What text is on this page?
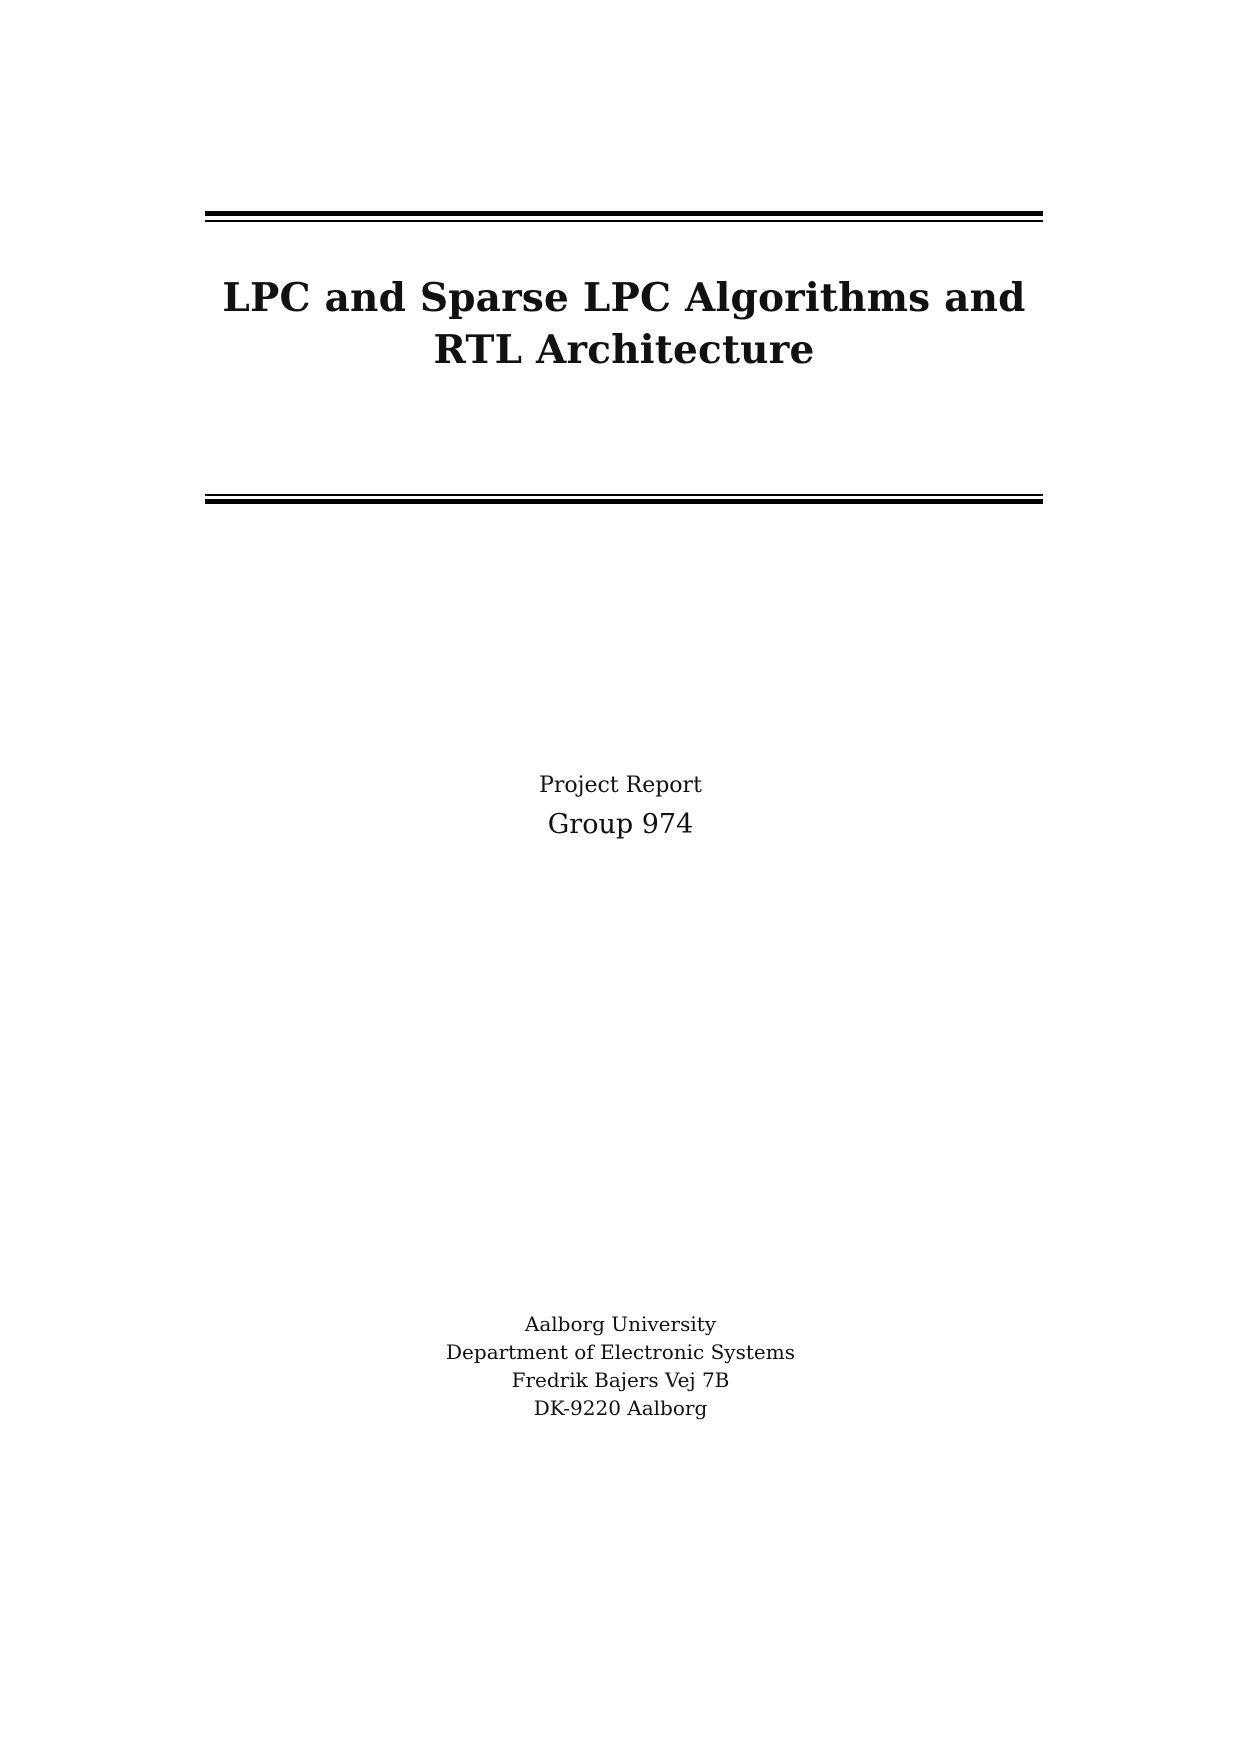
LPC and Sparse LPC Algorithms and
RTL Architecture

Project Report

Group 974

Aalborg University
Department of Electronic Systems
Fredrik Bajers Vej 7B
DK-9220 Aalborg
